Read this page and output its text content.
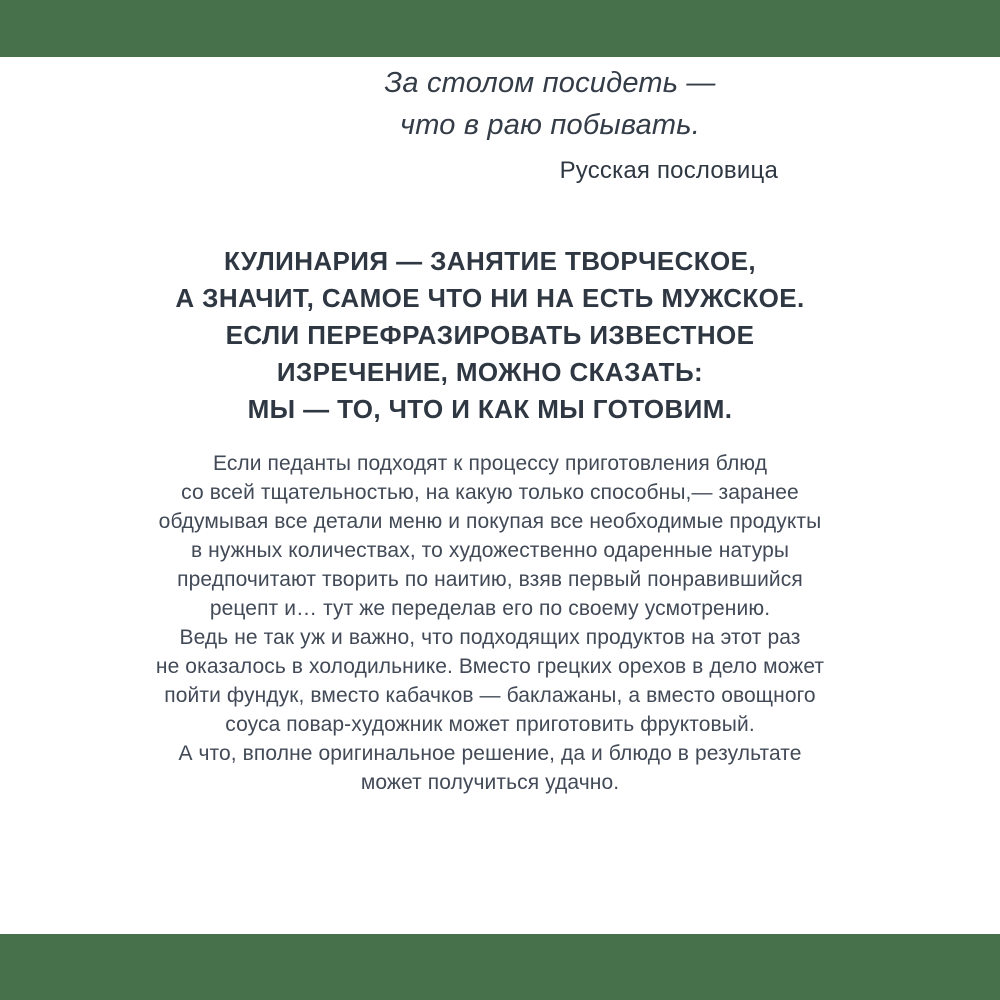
За столом посидеть —
что в раю побывать.
Русская пословица
КУЛИНАРИЯ — ЗАНЯТИЕ ТВОРЧЕСКОЕ,
А ЗНАЧИТ, САМОЕ ЧТО НИ НА ЕСТЬ МУЖСКОЕ.
ЕСЛИ ПЕРЕФРАЗИРОВАТЬ ИЗВЕСТНОЕ
ИЗРЕЧЕНИЕ, МОЖНО СКАЗАТЬ:
МЫ — ТО, ЧТО И КАК МЫ ГОТОВИМ.
Если педанты подходят к процессу приготовления блюд
со всей тщательностью, на какую только способны,— заранее
обдумывая все детали меню и покупая все необходимые продукты
в нужных количествах, то художественно одаренные натуры
предпочитают творить по наитию, взяв первый понравившийся
рецепт и… тут же переделав его по своему усмотрению.
Ведь не так уж и важно, что подходящих продуктов на этот раз
не оказалось в холодильнике. Вместо грецких орехов в дело может
пойти фундук, вместо кабачков — баклажаны, а вместо овощного
соуса повар-художник может приготовить фруктовый.
А что, вполне оригинальное решение, да и блюдо в результате
может получиться удачно.
